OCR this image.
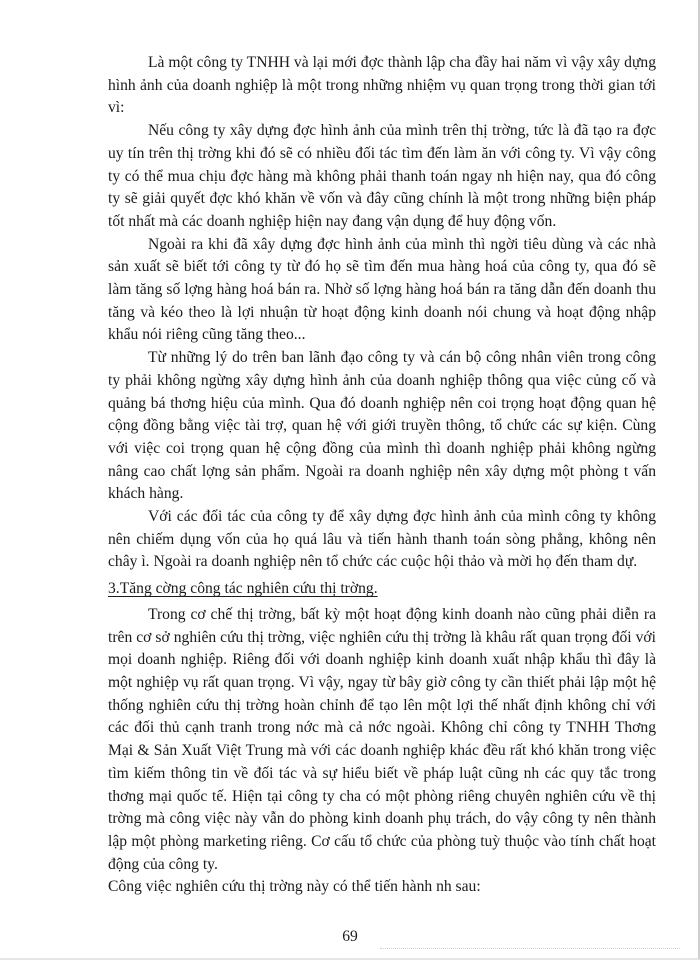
Là một công ty TNHH và lại mới đợc thành lập cha đầy hai năm vì vậy xây dựng hình ảnh của doanh nghiệp là một trong những nhiệm vụ quan trọng trong thời gian tới vì:

Nếu công ty xây dựng đợc hình ảnh của mình trên thị trờng, tức là đã tạo ra đợc uy tín trên thị trờng khi đó sẽ có nhiều đối tác tìm đến làm ăn với công ty. Vì vậy công ty có thể mua chịu đợc hàng mà không phải thanh toán ngay nh hiện nay, qua đó công ty sẽ giải quyết đợc khó khăn về vốn và đây cũng chính là một trong những biện pháp tốt nhất mà các doanh nghiệp hiện nay đang vận dụng để huy động vốn.

Ngoài ra khi đã xây dựng đợc hình ảnh của mình thì ngời tiêu dùng và các nhà sản xuất sẽ biết tới công ty từ đó họ sẽ tìm đến mua hàng hoá của công ty, qua đó sẽ làm tăng số lợng hàng hoá bán ra. Nhờ số lợng hàng hoá bán ra tăng dẫn đến doanh thu tăng và kéo theo là lợi nhuận từ hoạt động kinh doanh nói chung và hoạt động nhập khẩu nói riêng cũng tăng theo...

Từ những lý do trên ban lãnh đạo công ty và cán bộ công nhân viên trong công ty phải không ngừng xây dựng hình ảnh của doanh nghiệp thông qua việc củng cố và quảng bá thơng hiệu của mình. Qua đó doanh nghiệp nên coi trọng hoạt động quan hệ cộng đồng bằng việc tài trợ, quan hệ với giới truyền thông, tổ chức các sự kiện. Cùng với việc coi trọng quan hệ cộng đồng của mình thì doanh nghiệp phải không ngừng nâng cao chất lợng sản phẩm. Ngoài ra doanh nghiệp nên xây dựng một phòng t vấn khách hàng.

Với các đối tác của công ty để xây dựng đợc hình ảnh của mình công ty không nên chiếm dụng vốn của họ quá lâu và tiến hành thanh toán sòng phẳng, không nên chây ì. Ngoài ra doanh nghiệp nên tổ chức các cuộc hội thảo và mời họ đến tham dự.

3.Tăng cờng công tác nghiên cứu thị trờng.

Trong cơ chế thị trờng, bất kỳ một hoạt động kinh doanh nào cũng phải diễn ra trên cơ sở nghiên cứu thị trờng, việc nghiên cứu thị trờng là khâu rất quan trọng đối với mọi doanh nghiệp. Riêng đối với doanh nghiệp kinh doanh xuất nhập khẩu thì đây là một nghiệp vụ rất quan trọng. Vì vậy, ngay từ bây giờ công ty cần thiết phải lập một hệ thống nghiên cứu thị trờng hoàn chỉnh để tạo lên một lợi thế nhất định không chỉ với các đối thủ cạnh tranh trong nớc mà cả nớc ngoài. Không chỉ công ty TNHH Thơng Mại & Sản Xuất Việt Trung mà với các doanh nghiệp khác đều rất khó khăn trong việc tìm kiếm thông tin về đối tác và sự hiểu biết về pháp luật cũng nh các quy tắc trong thơng mại quốc tế. Hiện tại công ty cha có một phòng riêng chuyên nghiên cứu về thị trờng mà công việc này vẫn do phòng kinh doanh phụ trách, do vậy công ty nên thành lập một phòng marketing riêng. Cơ cấu tổ chức của phòng tuỳ thuộc vào tính chất hoạt động của công ty.

Công việc nghiên cứu thị trờng này có thể tiến hành nh sau:

69
